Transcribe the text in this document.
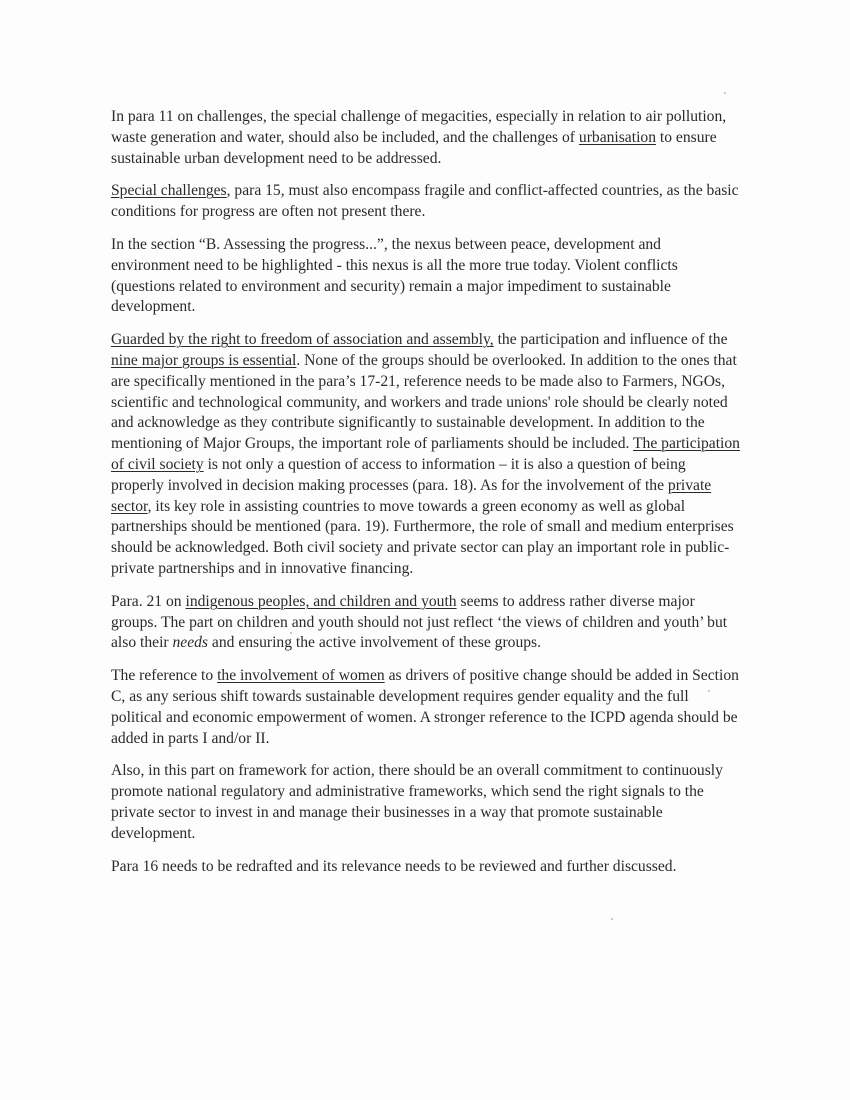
In para 11 on challenges, the special challenge of megacities, especially in relation to air pollution, waste generation and water, should also be included, and the challenges of urbanisation to ensure sustainable urban development need to be addressed.

Special challenges, para 15, must also encompass fragile and conflict-affected countries, as the basic conditions for progress are often not present there.

In the section “B. Assessing the progress...”, the nexus between peace, development and environment need to be highlighted - this nexus is all the more true today. Violent conflicts (questions related to environment and security) remain a major impediment to sustainable development.

Guarded by the right to freedom of association and assembly, the participation and influence of the nine major groups is essential. None of the groups should be overlooked. In addition to the ones that are specifically mentioned in the para’s 17-21, reference needs to be made also to Farmers, NGOs, scientific and technological community, and workers and trade unions' role should be clearly noted and acknowledge as they contribute significantly to sustainable development. In addition to the mentioning of Major Groups, the important role of parliaments should be included. The participation of civil society is not only a question of access to information – it is also a question of being properly involved in decision making processes (para. 18). As for the involvement of the private sector, its key role in assisting countries to move towards a green economy as well as global partnerships should be mentioned (para. 19). Furthermore, the role of small and medium enterprises should be acknowledged. Both civil society and private sector can play an important role in public-private partnerships and in innovative financing.

Para. 21 on indigenous peoples, and children and youth seems to address rather diverse major groups. The part on children and youth should not just reflect ‘the views of children and youth’ but also their needs and ensuring the active involvement of these groups.

The reference to the involvement of women as drivers of positive change should be added in Section C, as any serious shift towards sustainable development requires gender equality and the full political and economic empowerment of women. A stronger reference to the ICPD agenda should be added in parts I and/or II.

Also, in this part on framework for action, there should be an overall commitment to continuously promote national regulatory and administrative frameworks, which send the right signals to the private sector to invest in and manage their businesses in a way that promote sustainable development.

Para 16 needs to be redrafted and its relevance needs to be reviewed and further discussed.
